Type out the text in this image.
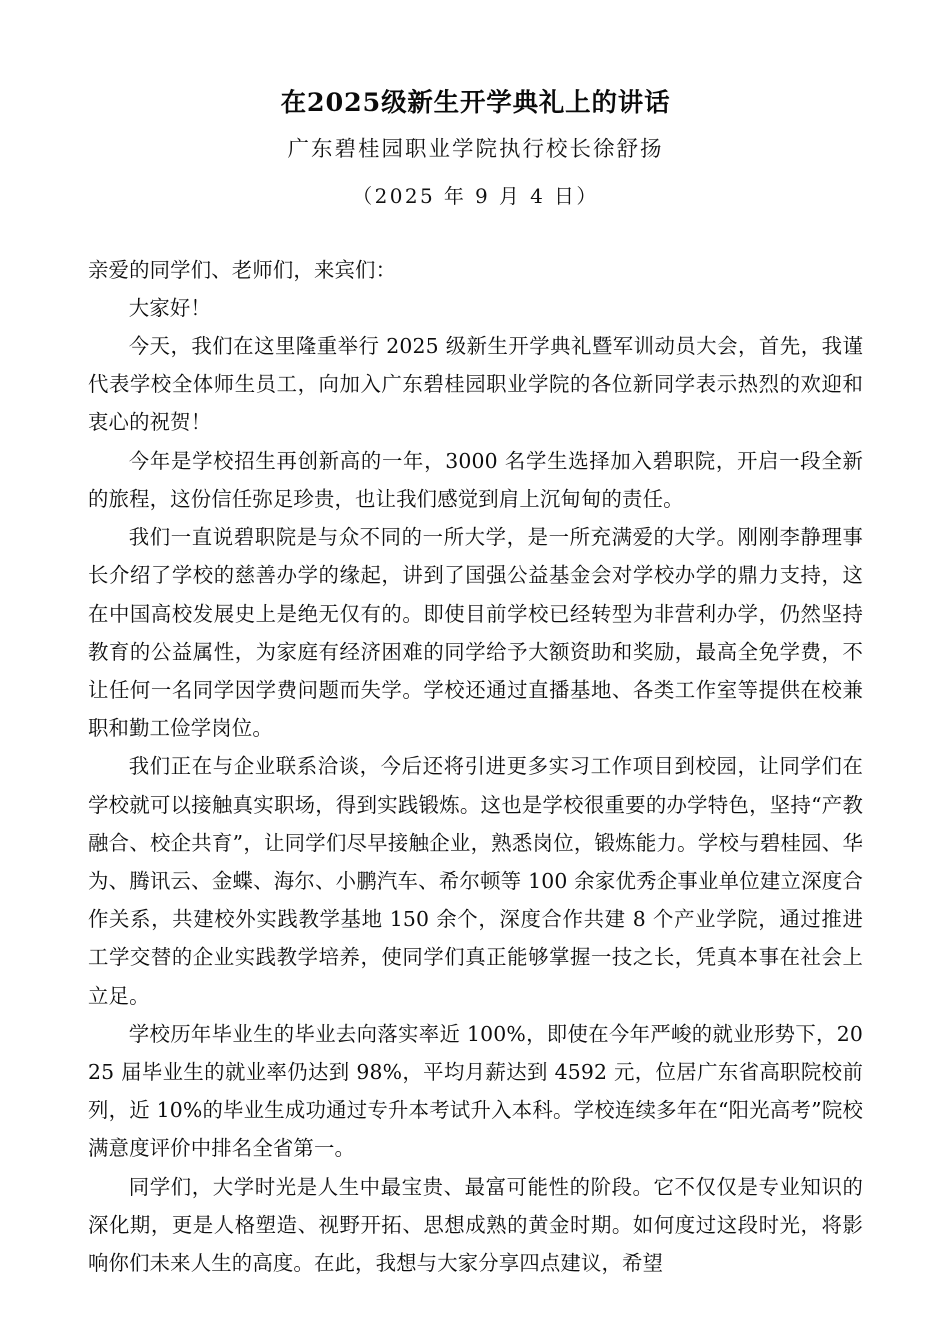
在2025级新生开学典礼上的讲话
广东碧桂园职业学院执行校长徐舒扬
（2025 年 9 月 4 日）

亲爱的同学们、老师们，来宾们：

大家好！

今天，我们在这里隆重举行 2025 级新生开学典礼暨军训动员大会，首先，我谨代表学校全体师生员工，向加入广东碧桂园职业学院的各位新同学表示热烈的欢迎和衷心的祝贺！

今年是学校招生再创新高的一年，3000 名学生选择加入碧职院，开启一段全新的旅程，这份信任弥足珍贵，也让我们感觉到肩上沉甸甸的责任。

我们一直说碧职院是与众不同的一所大学，是一所充满爱的大学。刚刚李静理事长介绍了学校的慈善办学的缘起，讲到了国强公益基金会对学校办学的鼎力支持，这在中国高校发展史上是绝无仅有的。即使目前学校已经转型为非营利办学，仍然坚持教育的公益属性，为家庭有经济困难的同学给予大额资助和奖励，最高全免学费，不让任何一名同学因学费问题而失学。学校还通过直播基地、各类工作室等提供在校兼职和勤工俭学岗位。

我们正在与企业联系洽谈，今后还将引进更多实习工作项目到校园，让同学们在学校就可以接触真实职场，得到实践锻炼。这也是学校很重要的办学特色，坚持“产教融合、校企共育”，让同学们尽早接触企业，熟悉岗位，锻炼能力。学校与碧桂园、华为、腾讯云、金蝶、海尔、小鹏汽车、希尔顿等 100 余家优秀企事业单位建立深度合作关系，共建校外实践教学基地 150 余个，深度合作共建 8 个产业学院，通过推进工学交替的企业实践教学培养，使同学们真正能够掌握一技之长，凭真本事在社会上立足。

学校历年毕业生的毕业去向落实率近 100%，即使在今年严峻的就业形势下，2025 届毕业生的就业率仍达到 98%，平均月薪达到 4592 元，位居广东省高职院校前列，近 10%的毕业生成功通过专升本考试升入本科。学校连续多年在“阳光高考”院校满意度评价中排名全省第一。

同学们，大学时光是人生中最宝贵、最富可能性的阶段。它不仅仅是专业知识的深化期，更是人格塑造、视野开拓、思想成熟的黄金时期。如何度过这段时光，将影响你们未来人生的高度。在此，我想与大家分享四点建议，希望
